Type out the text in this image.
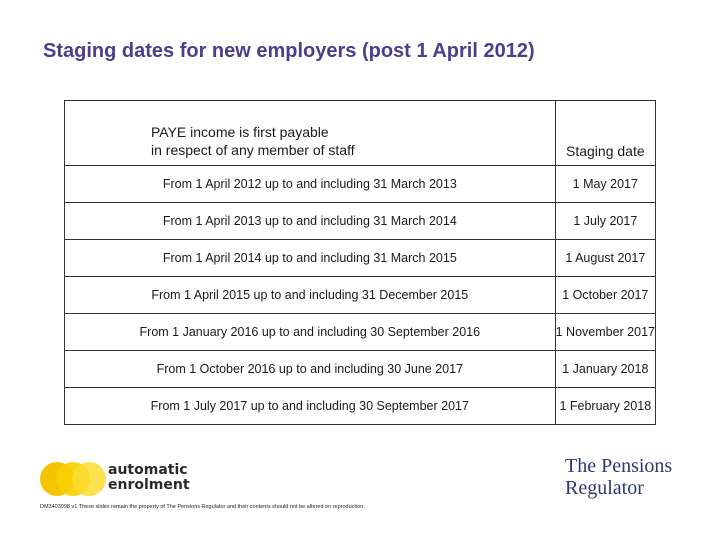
Staging dates for new employers (post 1 April 2012)
PAYE income is first payable
in respect of any member of staff	Staging date
From 1 April 2012 up to and including 31 March 2013	1 May 2017
From 1 April 2013 up to and including 31 March 2014	1 July 2017
From 1 April 2014 up to and including 31 March 2015	1 August 2017
From 1 April 2015 up to and including 31 December 2015	1 October 2017
From 1 January 2016 up to and including 30 September 2016	1 November 2017
From 1 October 2016 up to and including 30 June 2017	1 January 2018
From 1 July 2017 up to and including 30 September 2017	1 February 2018
automatic
enrolment
The Pensions
Regulator
DM3403998 v1 These slides remain the property of The Pensions Regulator and their contents should not be altered on reproduction.
